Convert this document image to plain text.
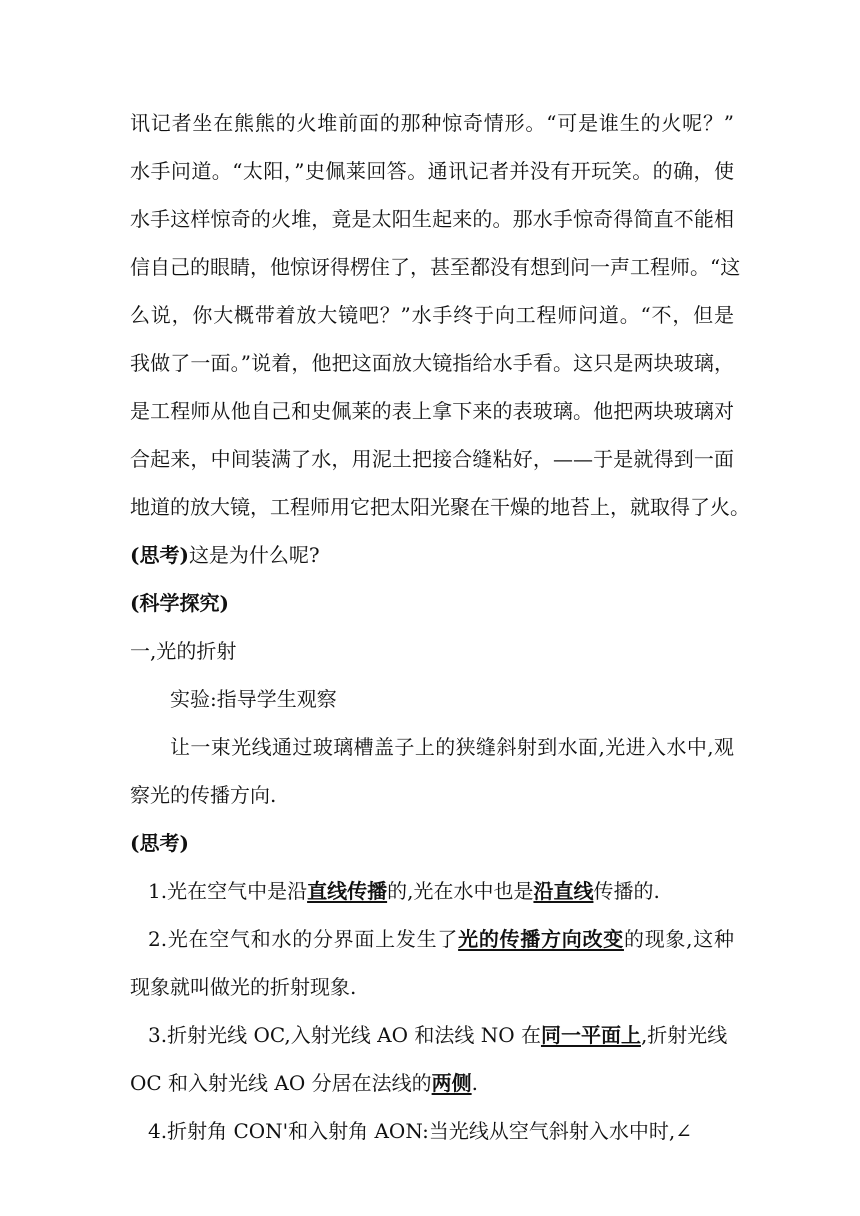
讯记者坐在熊熊的火堆前面的那种惊奇情形。“可是谁生的火呢？”
水手问道。“太阳，”史佩莱回答。通讯记者并没有开玩笑。的确，使
水手这样惊奇的火堆，竟是太阳生起来的。那水手惊奇得简直不能相
信自己的眼睛，他惊讶得楞住了，甚至都没有想到问一声工程师。“这
么说，你大概带着放大镜吧？”水手终于向工程师问道。“不，但是
我做了一面。”说着，他把这面放大镜指给水手看。这只是两块玻璃，
是工程师从他自己和史佩莱的表上拿下来的表玻璃。他把两块玻璃对
合起来，中间装满了水，用泥土把接合缝粘好，——于是就得到一面
地道的放大镜，工程师用它把太阳光聚在干燥的地苔上，就取得了火。
(思考)这是为什么呢?
(科学探究)
一,光的折射
实验:指导学生观察
让一束光线通过玻璃槽盖子上的狭缝斜射到水面,光进入水中,观
察光的传播方向.
(思考)
1.光在空气中是沿直线传播的,光在水中也是沿直线传播的.
2.光在空气和水的分界面上发生了光的传播方向改变的现象,这种
现象就叫做光的折射现象.
3.折射光线 OC,入射光线 AO 和法线 NO 在同一平面上,折射光线
OC 和入射光线 AO 分居在法线的两侧.
4.折射角 CON'和入射角 AON:当光线从空气斜射入水中时,∠
